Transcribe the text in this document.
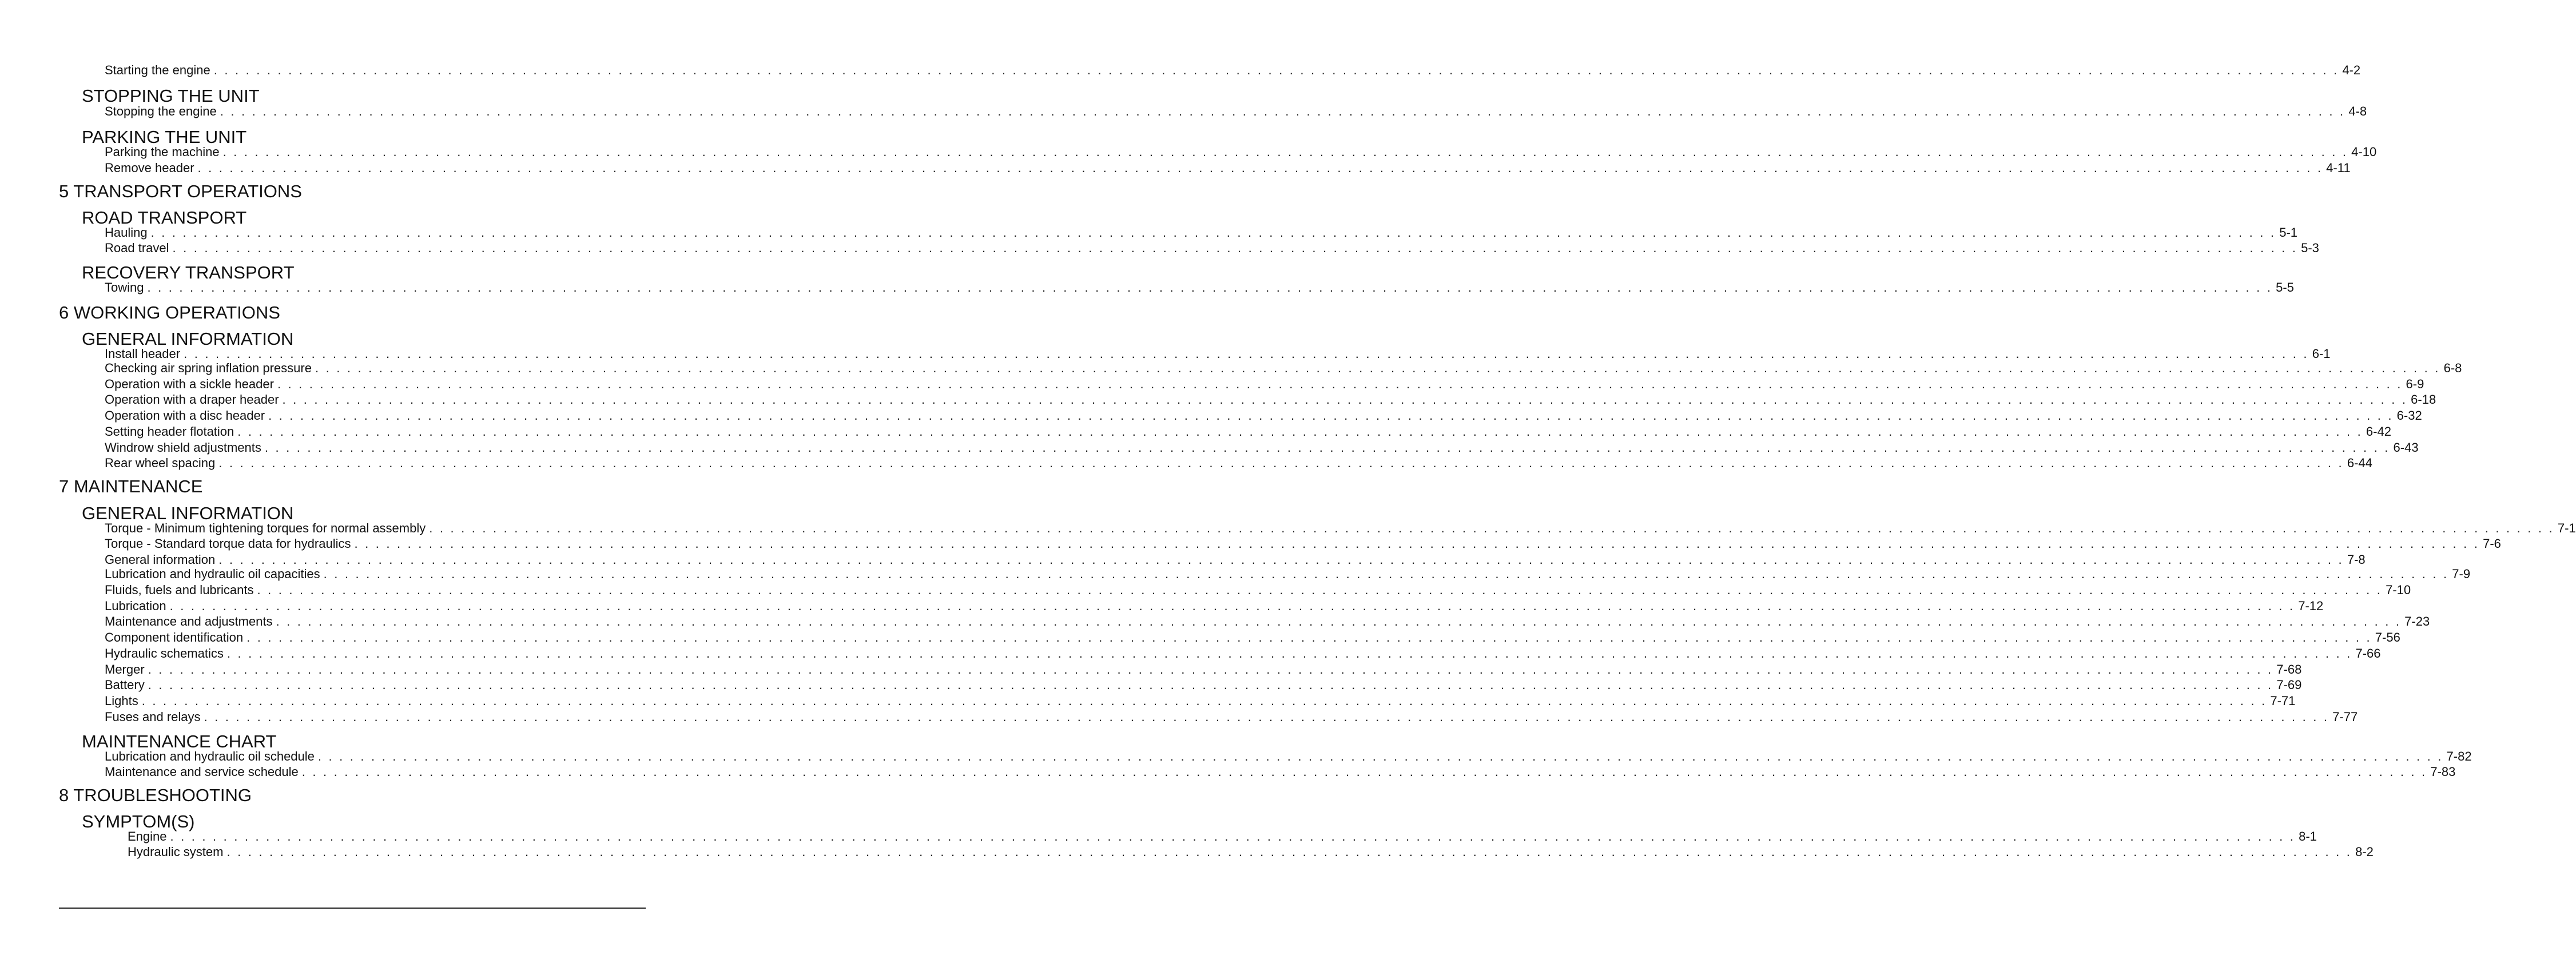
Starting the engine . . . . . . . . . . . . . . . . . . . . . . . . . . . . . . . . . . . . . . . . . . . . . . . . . . . . . . . . . . . . . . . . . . . . . . . . . . . . . . . . . . . . . . . . . . . . . . . . . . . . . . . . . . . . . . . . . . . . . . . . . . . . . . . . . . . . . . . . . . . . . . . . . . . . . . . . . . . . . . . . . . . . . . . . . . . . . . . . . . . . . . . . . . . . . . . . . . . . . . . . 4-2
STOPPING THE UNIT
Stopping the engine . . . . . . . . . . . . . . . . . . . . . . . . . . . . . . . . . . . . . . . . . . . . . . . . . . . . . . . . . . . . . . . . . . . . . . . . . . . . . . . . . . . . . . . . . . . . . . . . . . . . . . . . . . . . . . . . . . . . . . . . . . . . . . . . . . . . . . . . . . . . . . . . . . . . . . . . . . . . . . . . . . . . . . . . . . . . . . . . . . . . . . . . . . . . . . . . . . . . . . . . 4-8
PARKING THE UNIT
Parking the machine . . . . . . . . . . . . . . . . . . . . . . . . . . . . . . . . . . . . . . . . . . . . . . . . . . . . . . . . . . . . . . . . . . . . . . . . . . . . . . . . . . . . . . . . . . . . . . . . . . . . . . . . . . . . . . . . . . . . . . . . . . . . . . . . . . . . . . . . . . . . . . . . . . . . . . . . . . . . . . . . . . . . . . . . . . . . . . . . . . . . . . . . . . . . . . . . . . . . . . . . 4-10
Remove header . . . . . . . . . . . . . . . . . . . . . . . . . . . . . . . . . . . . . . . . . . . . . . . . . . . . . . . . . . . . . . . . . . . . . . . . . . . . . . . . . . . . . . . . . . . . . . . . . . . . . . . . . . . . . . . . . . . . . . . . . . . . . . . . . . . . . . . . . . . . . . . . . . . . . . . . . . . . . . . . . . . . . . . . . . . . . . . . . . . . . . . . . . . . . . . . . . . . . . . . 4-11
5 TRANSPORT OPERATIONS
ROAD TRANSPORT
Hauling . . . . . . . . . . . . . . . . . . . . . . . . . . . . . . . . . . . . . . . . . . . . . . . . . . . . . . . . . . . . . . . . . . . . . . . . . . . . . . . . . . . . . . . . . . . . . . . . . . . . . . . . . . . . . . . . . . . . . . . . . . . . . . . . . . . . . . . . . . . . . . . . . . . . . . . . . . . . . . . . . . . . . . . . . . . . . . . . . . . . . . . . . . . . . . . . . . . . . . . . 5-1
Road travel . . . . . . . . . . . . . . . . . . . . . . . . . . . . . . . . . . . . . . . . . . . . . . . . . . . . . . . . . . . . . . . . . . . . . . . . . . . . . . . . . . . . . . . . . . . . . . . . . . . . . . . . . . . . . . . . . . . . . . . . . . . . . . . . . . . . . . . . . . . . . . . . . . . . . . . . . . . . . . . . . . . . . . . . . . . . . . . . . . . . . . . . . . . . . . . . . . . . . . . . 5-3
RECOVERY TRANSPORT
Towing . . . . . . . . . . . . . . . . . . . . . . . . . . . . . . . . . . . . . . . . . . . . . . . . . . . . . . . . . . . . . . . . . . . . . . . . . . . . . . . . . . . . . . . . . . . . . . . . . . . . . . . . . . . . . . . . . . . . . . . . . . . . . . . . . . . . . . . . . . . . . . . . . . . . . . . . . . . . . . . . . . . . . . . . . . . . . . . . . . . . . . . . . . . . . . . . . . . . . . . . 5-5
6 WORKING OPERATIONS
GENERAL INFORMATION
Install header . . . . . . . . . . . . . . . . . . . . . . . . . . . . . . . . . . . . . . . . . . . . . . . . . . . . . . . . . . . . . . . . . . . . . . . . . . . . . . . . . . . . . . . . . . . . . . . . . . . . . . . . . . . . . . . . . . . . . . . . . . . . . . . . . . . . . . . . . . . . . . . . . . . . . . . . . . . . . . . . . . . . . . . . . . . . . . . . . . . . . . . . . . . . . . . . . . . . . . . . 6-1
Checking air spring inflation pressure . . . . . . . . . . . . . . . . . . . . . . . . . . . . . . . . . . . . . . . . . . . . . . . . . . . . . . . . . . . . . . . . . . . . . . . . . . . . . . . . . . . . . . . . . . . . . . . . . . . . . . . . . . . . . . . . . . . . . . . . . . . . . . . . . . . . . . . . . . . . . . . . . . . . . . . . . . . . . . . . . . . . . . . . . . . . . . . . . . . . . . . . . . . . . . . . . . . . . . . . 6-8
Operation with a sickle header . . . . . . . . . . . . . . . . . . . . . . . . . . . . . . . . . . . . . . . . . . . . . . . . . . . . . . . . . . . . . . . . . . . . . . . . . . . . . . . . . . . . . . . . . . . . . . . . . . . . . . . . . . . . . . . . . . . . . . . . . . . . . . . . . . . . . . . . . . . . . . . . . . . . . . . . . . . . . . . . . . . . . . . . . . . . . . . . . . . . . . . . . . . . . . . . . . . . . . . . 6-9
Operation with a draper header . . . . . . . . . . . . . . . . . . . . . . . . . . . . . . . . . . . . . . . . . . . . . . . . . . . . . . . . . . . . . . . . . . . . . . . . . . . . . . . . . . . . . . . . . . . . . . . . . . . . . . . . . . . . . . . . . . . . . . . . . . . . . . . . . . . . . . . . . . . . . . . . . . . . . . . . . . . . . . . . . . . . . . . . . . . . . . . . . . . . . . . . . . . . . . . . . . . . . . . . 6-18
Operation with a disc header . . . . . . . . . . . . . . . . . . . . . . . . . . . . . . . . . . . . . . . . . . . . . . . . . . . . . . . . . . . . . . . . . . . . . . . . . . . . . . . . . . . . . . . . . . . . . . . . . . . . . . . . . . . . . . . . . . . . . . . . . . . . . . . . . . . . . . . . . . . . . . . . . . . . . . . . . . . . . . . . . . . . . . . . . . . . . . . . . . . . . . . . . . . . . . . . . . . . . . . . 6-32
Setting header flotation . . . . . . . . . . . . . . . . . . . . . . . . . . . . . . . . . . . . . . . . . . . . . . . . . . . . . . . . . . . . . . . . . . . . . . . . . . . . . . . . . . . . . . . . . . . . . . . . . . . . . . . . . . . . . . . . . . . . . . . . . . . . . . . . . . . . . . . . . . . . . . . . . . . . . . . . . . . . . . . . . . . . . . . . . . . . . . . . . . . . . . . . . . . . . . . . . . . . . . . . 6-42
Windrow shield adjustments . . . . . . . . . . . . . . . . . . . . . . . . . . . . . . . . . . . . . . . . . . . . . . . . . . . . . . . . . . . . . . . . . . . . . . . . . . . . . . . . . . . . . . . . . . . . . . . . . . . . . . . . . . . . . . . . . . . . . . . . . . . . . . . . . . . . . . . . . . . . . . . . . . . . . . . . . . . . . . . . . . . . . . . . . . . . . . . . . . . . . . . . . . . . . . . . . . . . . . . . 6-43
Rear wheel spacing . . . . . . . . . . . . . . . . . . . . . . . . . . . . . . . . . . . . . . . . . . . . . . . . . . . . . . . . . . . . . . . . . . . . . . . . . . . . . . . . . . . . . . . . . . . . . . . . . . . . . . . . . . . . . . . . . . . . . . . . . . . . . . . . . . . . . . . . . . . . . . . . . . . . . . . . . . . . . . . . . . . . . . . . . . . . . . . . . . . . . . . . . . . . . . . . . . . . . . . . 6-44
7 MAINTENANCE
GENERAL INFORMATION
Torque - Minimum tightening torques for normal assembly . . . . . . . . . . . . . . . . . . . . . . . . . . . . . . . . . . . . . . . . . . . . . . . . . . . . . . . . . . . . . . . . . . . . . . . . . . . . . . . . . . . . . . . . . . . . . . . . . . . . . . . . . . . . . . . . . . . . . . . . . . . . . . . . . . . . . . . . . . . . . . . . . . . . . . . . . . . . . . . . . . . . . . . . . . . . . . . . . . . . . . . . . . . . . . . . . . . . . . . . 7-1
Torque - Standard torque data for hydraulics . . . . . . . . . . . . . . . . . . . . . . . . . . . . . . . . . . . . . . . . . . . . . . . . . . . . . . . . . . . . . . . . . . . . . . . . . . . . . . . . . . . . . . . . . . . . . . . . . . . . . . . . . . . . . . . . . . . . . . . . . . . . . . . . . . . . . . . . . . . . . . . . . . . . . . . . . . . . . . . . . . . . . . . . . . . . . . . . . . . . . . . . . . . . . . . . . . . . . . . . 7-6
General information . . . . . . . . . . . . . . . . . . . . . . . . . . . . . . . . . . . . . . . . . . . . . . . . . . . . . . . . . . . . . . . . . . . . . . . . . . . . . . . . . . . . . . . . . . . . . . . . . . . . . . . . . . . . . . . . . . . . . . . . . . . . . . . . . . . . . . . . . . . . . . . . . . . . . . . . . . . . . . . . . . . . . . . . . . . . . . . . . . . . . . . . . . . . . . . . . . . . . . . . 7-8
Lubrication and hydraulic oil capacities . . . . . . . . . . . . . . . . . . . . . . . . . . . . . . . . . . . . . . . . . . . . . . . . . . . . . . . . . . . . . . . . . . . . . . . . . . . . . . . . . . . . . . . . . . . . . . . . . . . . . . . . . . . . . . . . . . . . . . . . . . . . . . . . . . . . . . . . . . . . . . . . . . . . . . . . . . . . . . . . . . . . . . . . . . . . . . . . . . . . . . . . . . . . . . . . . . . . . . . . 7-9
Fluids, fuels and lubricants . . . . . . . . . . . . . . . . . . . . . . . . . . . . . . . . . . . . . . . . . . . . . . . . . . . . . . . . . . . . . . . . . . . . . . . . . . . . . . . . . . . . . . . . . . . . . . . . . . . . . . . . . . . . . . . . . . . . . . . . . . . . . . . . . . . . . . . . . . . . . . . . . . . . . . . . . . . . . . . . . . . . . . . . . . . . . . . . . . . . . . . . . . . . . . . . . . . . . . . . 7-10
Lubrication . . . . . . . . . . . . . . . . . . . . . . . . . . . . . . . . . . . . . . . . . . . . . . . . . . . . . . . . . . . . . . . . . . . . . . . . . . . . . . . . . . . . . . . . . . . . . . . . . . . . . . . . . . . . . . . . . . . . . . . . . . . . . . . . . . . . . . . . . . . . . . . . . . . . . . . . . . . . . . . . . . . . . . . . . . . . . . . . . . . . . . . . . . . . . . . . . . . . . . . . 7-12
Maintenance and adjustments . . . . . . . . . . . . . . . . . . . . . . . . . . . . . . . . . . . . . . . . . . . . . . . . . . . . . . . . . . . . . . . . . . . . . . . . . . . . . . . . . . . . . . . . . . . . . . . . . . . . . . . . . . . . . . . . . . . . . . . . . . . . . . . . . . . . . . . . . . . . . . . . . . . . . . . . . . . . . . . . . . . . . . . . . . . . . . . . . . . . . . . . . . . . . . . . . . . . . . . . 7-23
Component identification . . . . . . . . . . . . . . . . . . . . . . . . . . . . . . . . . . . . . . . . . . . . . . . . . . . . . . . . . . . . . . . . . . . . . . . . . . . . . . . . . . . . . . . . . . . . . . . . . . . . . . . . . . . . . . . . . . . . . . . . . . . . . . . . . . . . . . . . . . . . . . . . . . . . . . . . . . . . . . . . . . . . . . . . . . . . . . . . . . . . . . . . . . . . . . . . . . . . . . . . 7-56
Hydraulic schematics . . . . . . . . . . . . . . . . . . . . . . . . . . . . . . . . . . . . . . . . . . . . . . . . . . . . . . . . . . . . . . . . . . . . . . . . . . . . . . . . . . . . . . . . . . . . . . . . . . . . . . . . . . . . . . . . . . . . . . . . . . . . . . . . . . . . . . . . . . . . . . . . . . . . . . . . . . . . . . . . . . . . . . . . . . . . . . . . . . . . . . . . . . . . . . . . . . . . . . . . 7-66
Merger . . . . . . . . . . . . . . . . . . . . . . . . . . . . . . . . . . . . . . . . . . . . . . . . . . . . . . . . . . . . . . . . . . . . . . . . . . . . . . . . . . . . . . . . . . . . . . . . . . . . . . . . . . . . . . . . . . . . . . . . . . . . . . . . . . . . . . . . . . . . . . . . . . . . . . . . . . . . . . . . . . . . . . . . . . . . . . . . . . . . . . . . . . . . . . . . . . . . . . . . 7-68
Battery . . . . . . . . . . . . . . . . . . . . . . . . . . . . . . . . . . . . . . . . . . . . . . . . . . . . . . . . . . . . . . . . . . . . . . . . . . . . . . . . . . . . . . . . . . . . . . . . . . . . . . . . . . . . . . . . . . . . . . . . . . . . . . . . . . . . . . . . . . . . . . . . . . . . . . . . . . . . . . . . . . . . . . . . . . . . . . . . . . . . . . . . . . . . . . . . . . . . . . . . 7-69
Lights . . . . . . . . . . . . . . . . . . . . . . . . . . . . . . . . . . . . . . . . . . . . . . . . . . . . . . . . . . . . . . . . . . . . . . . . . . . . . . . . . . . . . . . . . . . . . . . . . . . . . . . . . . . . . . . . . . . . . . . . . . . . . . . . . . . . . . . . . . . . . . . . . . . . . . . . . . . . . . . . . . . . . . . . . . . . . . . . . . . . . . . . . . . . . . . . . . . . . . . . 7-71
Fuses and relays . . . . . . . . . . . . . . . . . . . . . . . . . . . . . . . . . . . . . . . . . . . . . . . . . . . . . . . . . . . . . . . . . . . . . . . . . . . . . . . . . . . . . . . . . . . . . . . . . . . . . . . . . . . . . . . . . . . . . . . . . . . . . . . . . . . . . . . . . . . . . . . . . . . . . . . . . . . . . . . . . . . . . . . . . . . . . . . . . . . . . . . . . . . . . . . . . . . . . . . . 7-77
MAINTENANCE CHART
Lubrication and hydraulic oil schedule . . . . . . . . . . . . . . . . . . . . . . . . . . . . . . . . . . . . . . . . . . . . . . . . . . . . . . . . . . . . . . . . . . . . . . . . . . . . . . . . . . . . . . . . . . . . . . . . . . . . . . . . . . . . . . . . . . . . . . . . . . . . . . . . . . . . . . . . . . . . . . . . . . . . . . . . . . . . . . . . . . . . . . . . . . . . . . . . . . . . . . . . . . . . . . . . . . . . . . . . 7-82
Maintenance and service schedule . . . . . . . . . . . . . . . . . . . . . . . . . . . . . . . . . . . . . . . . . . . . . . . . . . . . . . . . . . . . . . . . . . . . . . . . . . . . . . . . . . . . . . . . . . . . . . . . . . . . . . . . . . . . . . . . . . . . . . . . . . . . . . . . . . . . . . . . . . . . . . . . . . . . . . . . . . . . . . . . . . . . . . . . . . . . . . . . . . . . . . . . . . . . . . . . . . . . . . . . 7-83
8 TROUBLESHOOTING
SYMPTOM(S)
Engine . . . . . . . . . . . . . . . . . . . . . . . . . . . . . . . . . . . . . . . . . . . . . . . . . . . . . . . . . . . . . . . . . . . . . . . . . . . . . . . . . . . . . . . . . . . . . . . . . . . . . . . . . . . . . . . . . . . . . . . . . . . . . . . . . . . . . . . . . . . . . . . . . . . . . . . . . . . . . . . . . . . . . . . . . . . . . . . . . . . . . . . . . . . . . . . . . . . . . . . . 8-1
Hydraulic system . . . . . . . . . . . . . . . . . . . . . . . . . . . . . . . . . . . . . . . . . . . . . . . . . . . . . . . . . . . . . . . . . . . . . . . . . . . . . . . . . . . . . . . . . . . . . . . . . . . . . . . . . . . . . . . . . . . . . . . . . . . . . . . . . . . . . . . . . . . . . . . . . . . . . . . . . . . . . . . . . . . . . . . . . . . . . . . . . . . . . . . . . . . . . . . . . . . . . . . . 8-2
